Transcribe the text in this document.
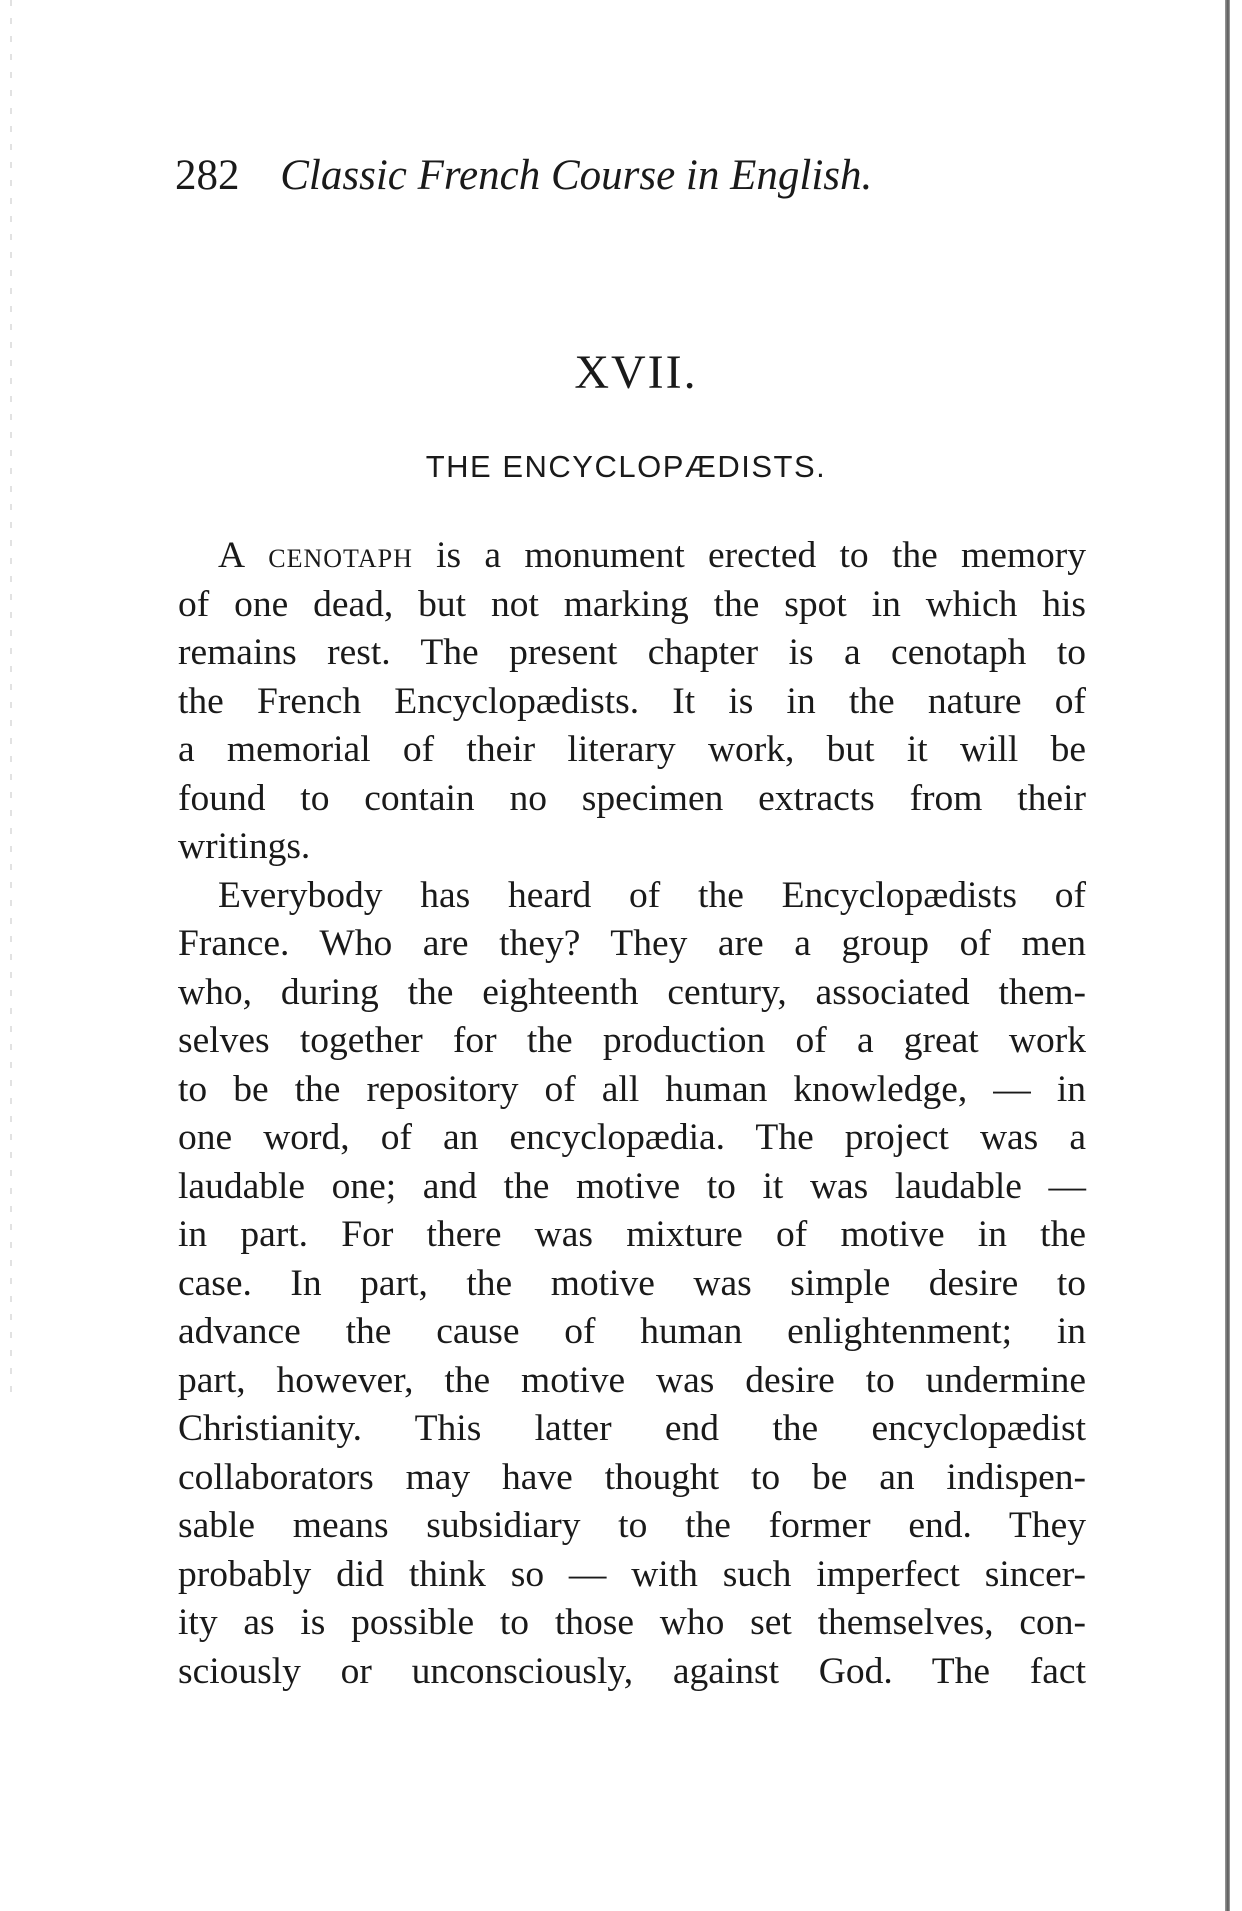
282 Classic French Course in English.
XVII.
THE ENCYCLOPÆDISTS.
A cenotaph is a monument erected to the memory
of one dead, but not marking the spot in which his
remains rest. The present chapter is a cenotaph to
the French Encyclopædists. It is in the nature of
a memorial of their literary work, but it will be
found to contain no specimen extracts from their
writings.
Everybody has heard of the Encyclopædists of
France. Who are they? They are a group of men
who, during the eighteenth century, associated them-
selves together for the production of a great work
to be the repository of all human knowledge, — in
one word, of an encyclopædia. The project was a
laudable one; and the motive to it was laudable —
in part. For there was mixture of motive in the
case. In part, the motive was simple desire to
advance the cause of human enlightenment; in
part, however, the motive was desire to undermine
Christianity. This latter end the encyclopædist
collaborators may have thought to be an indispen-
sable means subsidiary to the former end. They
probably did think so — with such imperfect sincer-
ity as is possible to those who set themselves, con-
sciously or unconsciously, against God. The fact
